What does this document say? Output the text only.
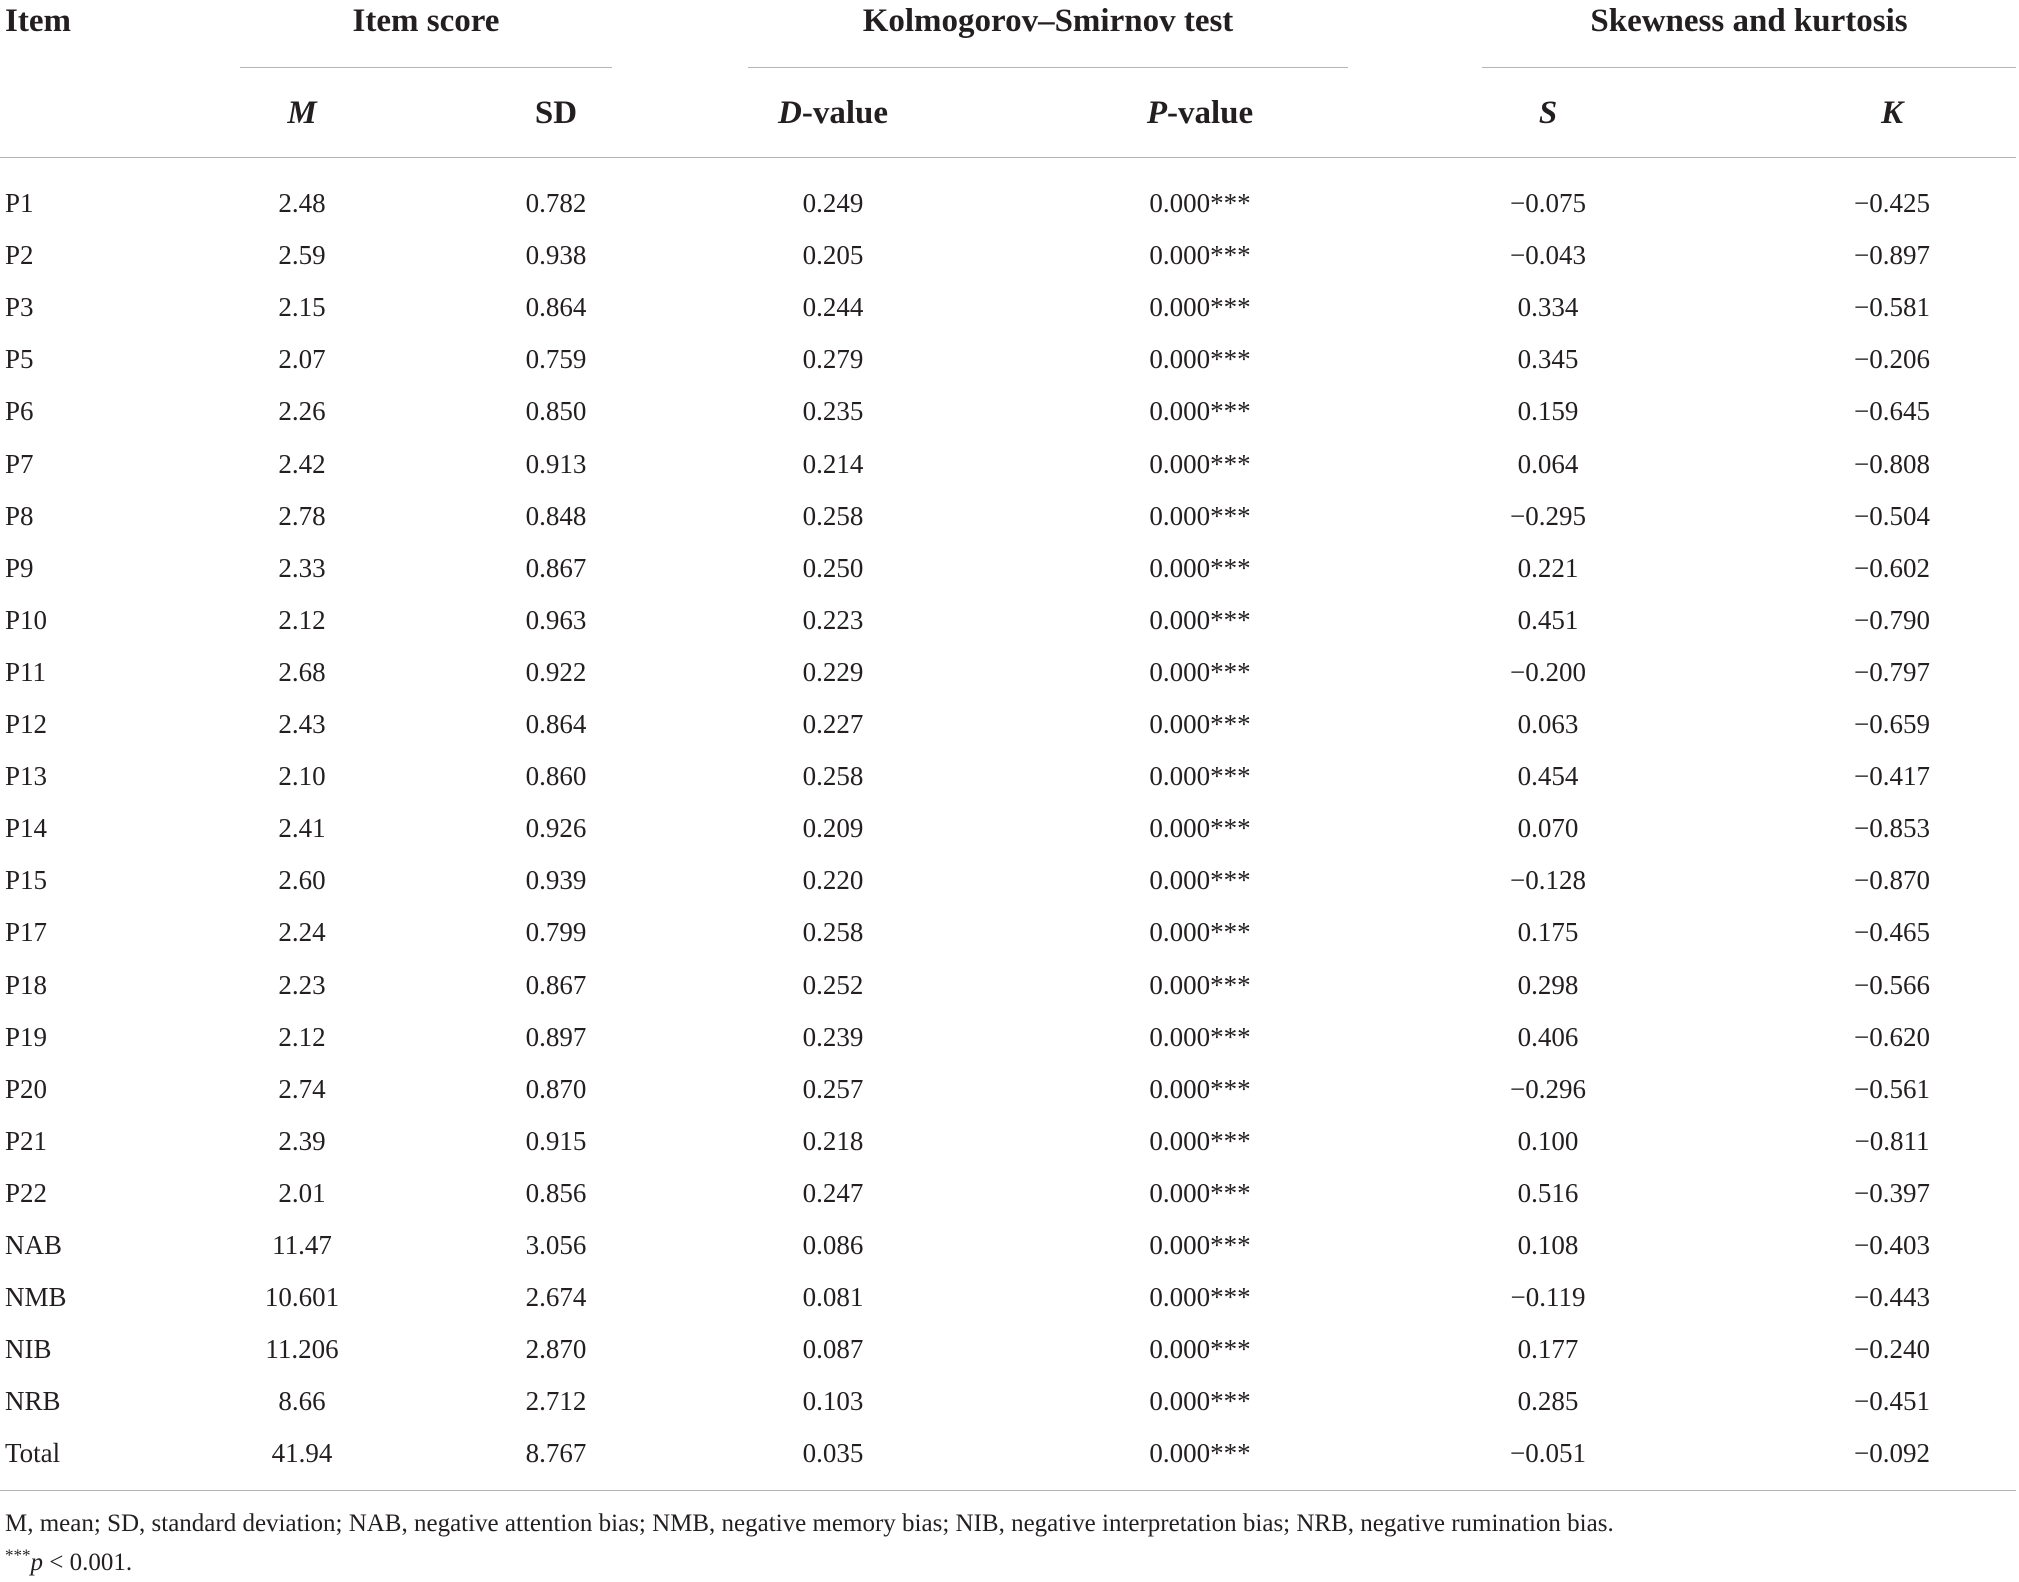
Item	Item score	Kolmogorov–Smirnov test	Skewness and kurtosis
M	SD	D-value	P-value	S	K
P1	2.48	0.782	0.249	0.000***	−0.075	−0.425
P2	2.59	0.938	0.205	0.000***	−0.043	−0.897
P3	2.15	0.864	0.244	0.000***	0.334	−0.581
P5	2.07	0.759	0.279	0.000***	0.345	−0.206
P6	2.26	0.850	0.235	0.000***	0.159	−0.645
P7	2.42	0.913	0.214	0.000***	0.064	−0.808
P8	2.78	0.848	0.258	0.000***	−0.295	−0.504
P9	2.33	0.867	0.250	0.000***	0.221	−0.602
P10	2.12	0.963	0.223	0.000***	0.451	−0.790
P11	2.68	0.922	0.229	0.000***	−0.200	−0.797
P12	2.43	0.864	0.227	0.000***	0.063	−0.659
P13	2.10	0.860	0.258	0.000***	0.454	−0.417
P14	2.41	0.926	0.209	0.000***	0.070	−0.853
P15	2.60	0.939	0.220	0.000***	−0.128	−0.870
P17	2.24	0.799	0.258	0.000***	0.175	−0.465
P18	2.23	0.867	0.252	0.000***	0.298	−0.566
P19	2.12	0.897	0.239	0.000***	0.406	−0.620
P20	2.74	0.870	0.257	0.000***	−0.296	−0.561
P21	2.39	0.915	0.218	0.000***	0.100	−0.811
P22	2.01	0.856	0.247	0.000***	0.516	−0.397
NAB	11.47	3.056	0.086	0.000***	0.108	−0.403
NMB	10.601	2.674	0.081	0.000***	−0.119	−0.443
NIB	11.206	2.870	0.087	0.000***	0.177	−0.240
NRB	8.66	2.712	0.103	0.000***	0.285	−0.451
Total	41.94	8.767	0.035	0.000***	−0.051	−0.092
M, mean; SD, standard deviation; NAB, negative attention bias; NMB, negative memory bias; NIB, negative interpretation bias; NRB, negative rumination bias.
***p < 0.001.
